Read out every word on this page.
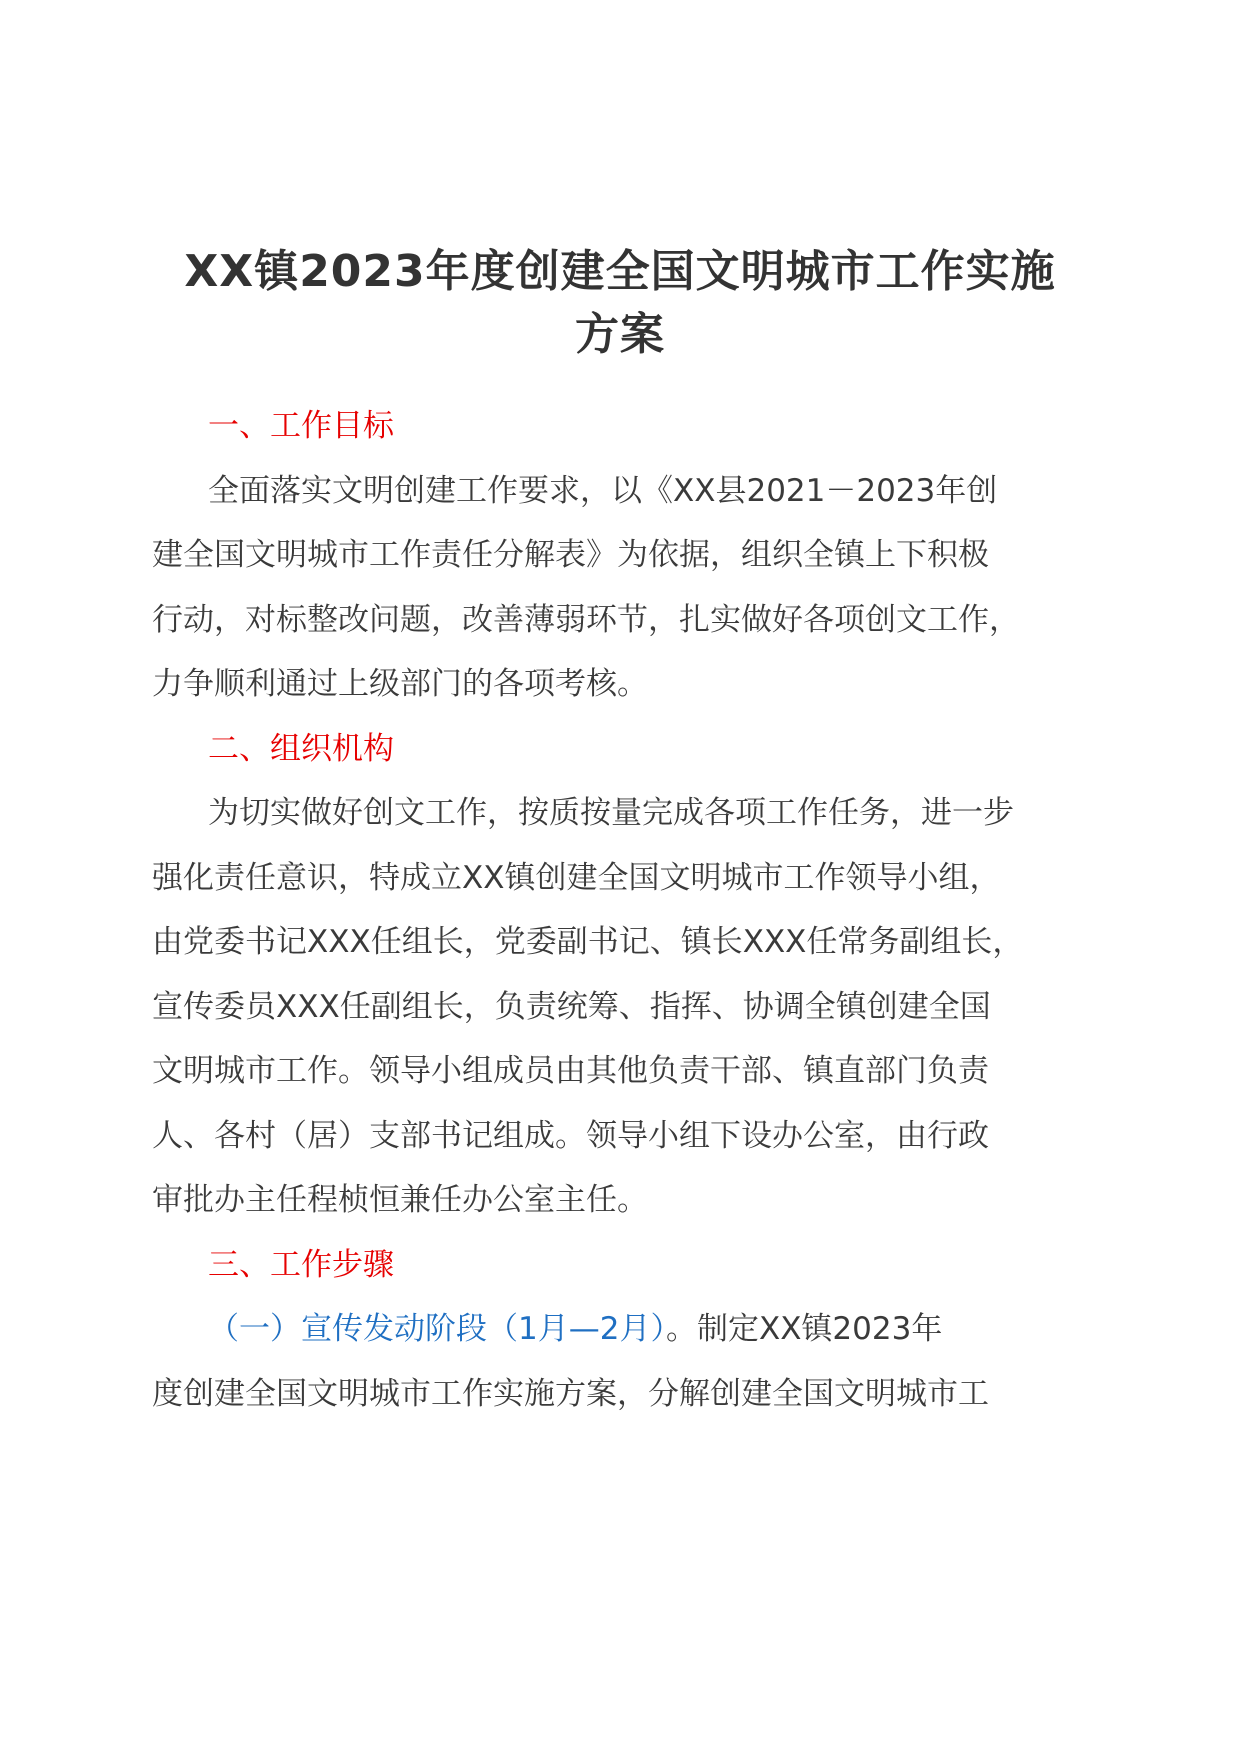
XX镇2023年度创建全国文明城市工作实施
方案
一、工作目标
全面落实文明创建工作要求，以《XX县2021－2023年创
建全国文明城市工作责任分解表》为依据，组织全镇上下积极
行动，对标整改问题，改善薄弱环节，扎实做好各项创文工作，
力争顺利通过上级部门的各项考核。
二、组织机构
为切实做好创文工作，按质按量完成各项工作任务，进一步
强化责任意识，特成立XX镇创建全国文明城市工作领导小组，
由党委书记XXX任组长，党委副书记、镇长XXX任常务副组长，
宣传委员XXX任副组长，负责统筹、指挥、协调全镇创建全国
文明城市工作。领导小组成员由其他负责干部、镇直部门负责
人、各村（居）支部书记组成。领导小组下设办公室，由行政
审批办主任程桢恒兼任办公室主任。
三、工作步骤
（一）宣传发动阶段（1月—2月）。制定XX镇2023年
度创建全国文明城市工作实施方案，分解创建全国文明城市工
